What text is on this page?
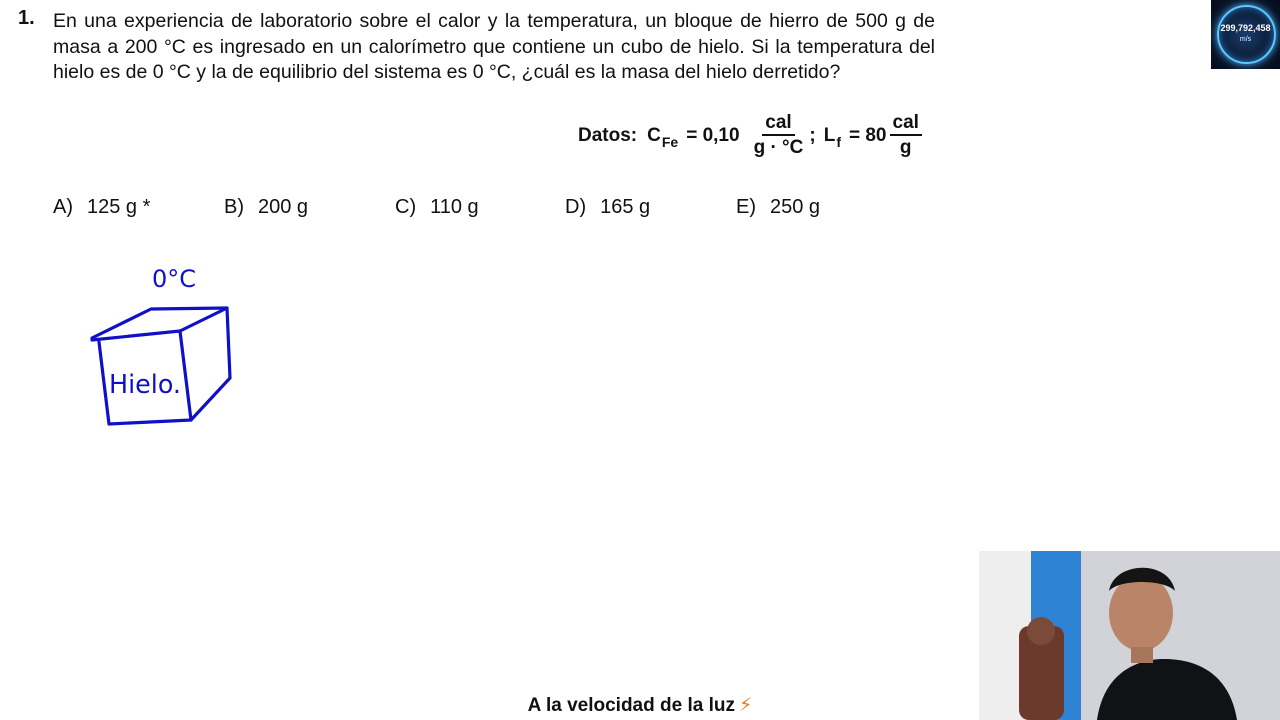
1. En una experiencia de laboratorio sobre el calor y la temperatura, un bloque de hierro de 500 g de masa a 200 °C es ingresado en un calorímetro que contiene un cubo de hielo. Si la temperatura del hielo es de 0 °C y la de equilibrio del sistema es 0 °C, ¿cuál es la masa del hielo derretido?
Datos: C $Fe = 0,10 \frac{\text{cal}}{g \cdot ^\circ C}$ ; L $f = 80 \frac{\text{cal}}{g}$
A) 125 g *	B) 200 g	C) 110 g	D) 165 g	E) 250 g
0°C
Hielo.
299,792,458
m/s
A la velocidad de la luz ⚡
